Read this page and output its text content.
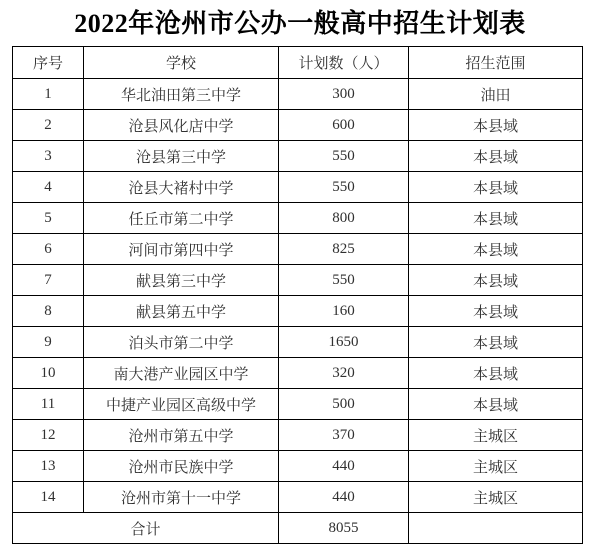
2022年沧州市公办一般高中招生计划表
序号	学校	计划数（人）	招生范围
1	华北油田第三中学	300	油田
2	沧县风化店中学	600	本县域
3	沧县第三中学	550	本县域
4	沧县大褚村中学	550	本县域
5	任丘市第二中学	800	本县域
6	河间市第四中学	825	本县域
7	献县第三中学	550	本县域
8	献县第五中学	160	本县域
9	泊头市第二中学	1650	本县域
10	南大港产业园区中学	320	本县域
11	中捷产业园区高级中学	500	本县域
12	沧州市第五中学	370	主城区
13	沧州市民族中学	440	主城区
14	沧州市第十一中学	440	主城区
合计		8055	
